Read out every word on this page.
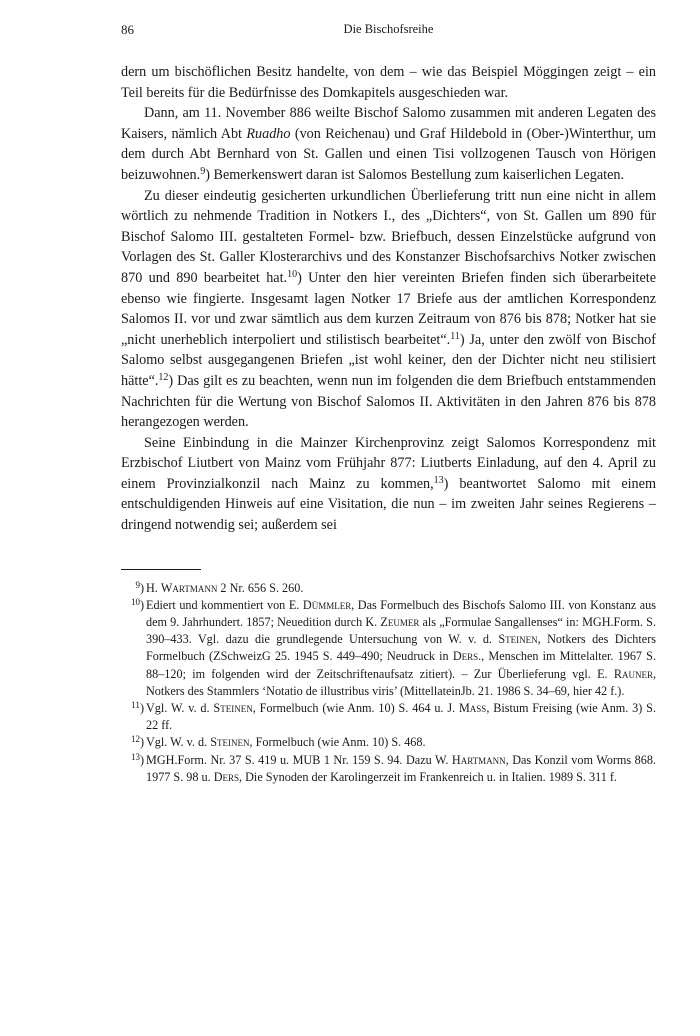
86	Die Bischofsreihe

dern um bischöflichen Besitz handelte, von dem – wie das Beispiel Möggingen zeigt – ein Teil bereits für die Bedürfnisse des Domkapitels ausgeschieden war.

Dann, am 11. November 886 weilte Bischof Salomo zusammen mit anderen Legaten des Kaisers, nämlich Abt Ruadho (von Reichenau) und Graf Hildebold in (Ober-)Winterthur, um dem durch Abt Bernhard von St. Gallen und einen Tisi vollzogenen Tausch von Hörigen beizuwohnen.$^9$) Bemerkenswert daran ist Salomos Bestellung zum kaiserlichen Legaten.

Zu dieser eindeutig gesicherten urkundlichen Überlieferung tritt nun eine nicht in allem wörtlich zu nehmende Tradition in Notkers I., des „Dichters“, von St. Gallen um 890 für Bischof Salomo III. gestalteten Formel- bzw. Briefbuch, dessen Einzelstücke aufgrund von Vorlagen des St. Galler Klosterarchivs und des Konstanzer Bischofsarchivs Notker zwischen 870 und 890 bearbeitet hat.$^{10}$) Unter den hier vereinten Briefen finden sich überarbeitete ebenso wie fingierte. Insgesamt lagen Notker 17 Briefe aus der amtlichen Korrespondenz Salomos II. vor und zwar sämtlich aus dem kurzen Zeitraum von 876 bis 878; Notker hat sie „nicht unerheblich interpoliert und stilistisch bearbeitet“.$^{11}$) Ja, unter den zwölf von Bischof Salomo selbst ausgegangenen Briefen „ist wohl keiner, den der Dichter nicht neu stilisiert hätte“.$^{12}$) Das gilt es zu beachten, wenn nun im folgenden die dem Briefbuch entstammenden Nachrichten für die Wertung von Bischof Salomos II. Aktivitäten in den Jahren 876 bis 878 herangezogen werden.

Seine Einbindung in die Mainzer Kirchenprovinz zeigt Salomos Korrespondenz mit Erzbischof Liutbert von Mainz vom Frühjahr 877: Liutberts Einladung, auf den 4. April zu einem Provinzialkonzil nach Mainz zu kommen,$^{13}$) beantwortet Salomo mit einem entschuldigenden Hinweis auf eine Visitation, die nun – im zweiten Jahr seines Regierens – dringend notwendig sei; außerdem sei

$^9$) H. Wartmann 2 Nr. 656 S. 260.
$^{10}$) Ediert und kommentiert von E. Dümmler, Das Formelbuch des Bischofs Salomo III. von Konstanz aus dem 9. Jahrhundert. 1857; Neuedition durch K. Zeumer als „Formulae Sangallenses“ in: MGH.Form. S. 390–433. Vgl. dazu die grundlegende Untersuchung von W. v. d. Steinen, Notkers des Dichters Formelbuch (ZSchweizG 25. 1945 S. 449–490; Neudruck in Ders., Menschen im Mittelalter. 1967 S. 88–120; im folgenden wird der Zeitschriftenaufsatz zitiert). – Zur Überlieferung vgl. E. Rauner, Notkers des Stammlers ‘Notatio de illustribus viris’ (MittellateinJb. 21. 1986 S. 34–69, hier 42 f.).
$^{11}$) Vgl. W. v. d. Steinen, Formelbuch (wie Anm. 10) S. 464 u. J. Mass, Bistum Freising (wie Anm. 3) S. 22 ff.
$^{12}$) Vgl. W. v. d. Steinen, Formelbuch (wie Anm. 10) S. 468.
$^{13}$) MGH.Form. Nr. 37 S. 419 u. MUB 1 Nr. 159 S. 94. Dazu W. Hartmann, Das Konzil vom Worms 868. 1977 S. 98 u. Ders, Die Synoden der Karolingerzeit im Frankenreich u. in Italien. 1989 S. 311 f.
